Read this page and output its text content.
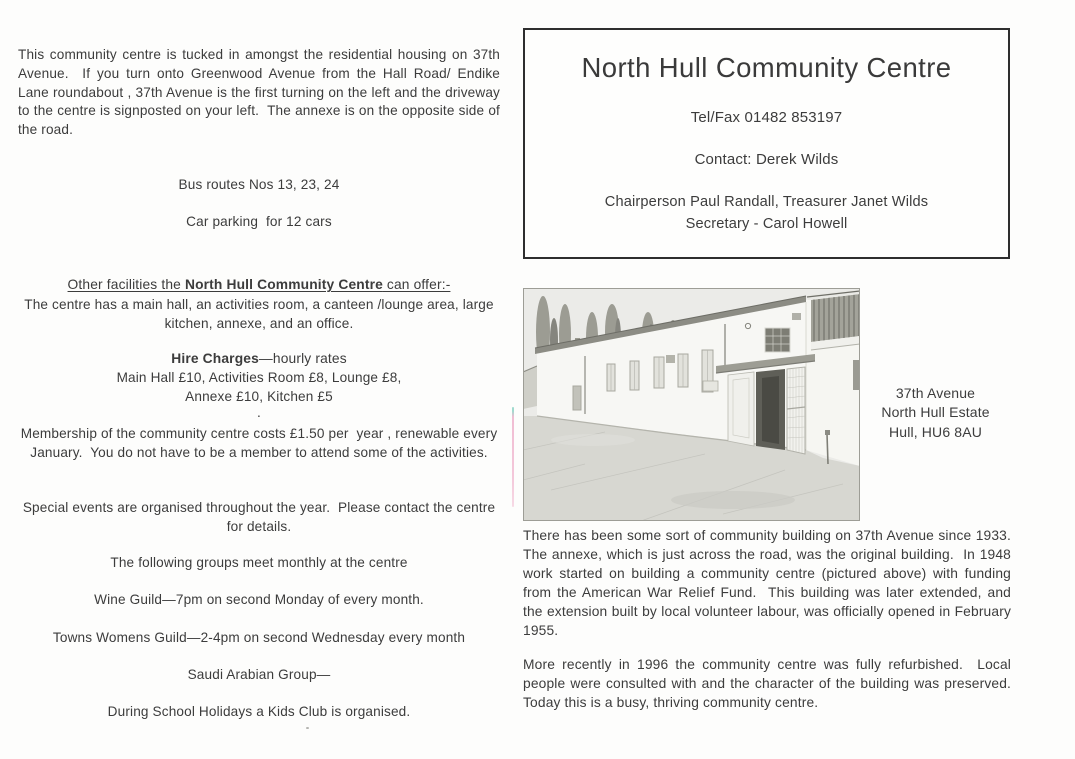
This community centre is tucked in amongst the residential housing on 37th Avenue.  If you turn onto Greenwood Avenue from the Hall Road/ Endike Lane roundabout , 37th Avenue is the first turning on the left and the driveway to the centre is signposted on your left.  The annexe is on the opposite side of the road.
Bus routes Nos 13, 23, 24
Car parking  for 12 cars
Other facilities the North Hull Community Centre can offer:-
The centre has a main hall, an activities room, a canteen /lounge area, large kitchen, annexe, and an office.
Hire Charges—hourly rates
Main Hall £10, Activities Room £8, Lounge £8,
Annexe £10, Kitchen £5
.
Membership of the community centre costs £1.50 per  year , renewable every January.  You do not have to be a member to attend some of the activities.
Special events are organised throughout the year.  Please contact the centre for details.
The following groups meet monthly at the centre
Wine Guild—7pm on second Monday of every month.
Towns Womens Guild—2-4pm on second Wednesday every month
Saudi Arabian Group—
During School Holidays a Kids Club is organised.
North Hull Community Centre
Tel/Fax 01482 853197
Contact: Derek Wilds
Chairperson Paul Randall, Treasurer Janet Wilds
Secretary - Carol Howell
37th Avenue
North Hull Estate
Hull, HU6 8AU
There has been some sort of community building on 37th Avenue since 1933.  The annexe, which is just across the road, was the original building.  In 1948 work started on building a community centre (pictured above) with funding from the American War Relief Fund.  This building was later extended, and the extension built by local volunteer labour, was officially opened in February 1955.
More recently in 1996 the community centre was fully refurbished.  Local people were consulted with and the character of the building was preserved.  Today this is a busy, thriving community centre.
